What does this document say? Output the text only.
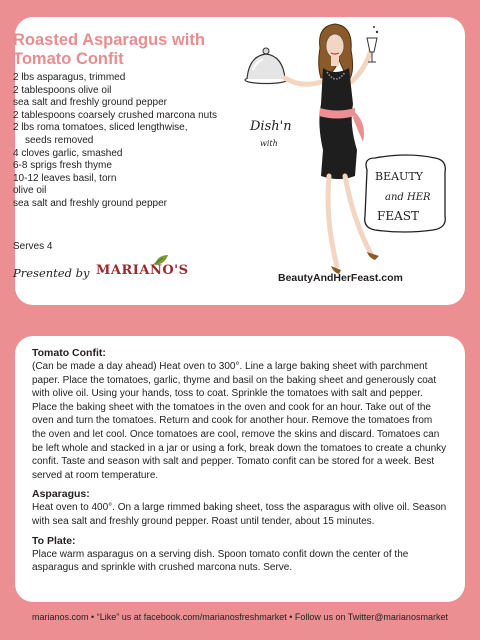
Roasted Asparagus with
Tomato Confit
2 lbs asparagus, trimmed
2 tablespoons olive oil
sea salt and freshly ground pepper
2 tablespoons coarsely crushed marcona nuts
2 lbs roma tomatoes, sliced lengthwise,
seeds removed
4 cloves garlic, smashed
6-8 sprigs fresh thyme
10-12 leaves basil, torn
olive oil
sea salt and freshly ground pepper
Serves 4
Presented by MARIANO'S
Dish'n
with
BEAUTY
and HER
FEAST
BeautyAndHerFeast.com
Tomato Confit:
(Can be made a day ahead) Heat oven to 300°. Line a large baking sheet with parchment paper. Place the tomatoes, garlic, thyme and basil on the baking sheet and generously coat with olive oil. Using your hands, toss to coat. Sprinkle the tomatoes with salt and pepper. Place the baking sheet with the tomatoes in the oven and cook for an hour. Take out of the oven and turn the tomatoes. Return and cook for another hour. Remove the tomatoes from the oven and let cool. Once tomatoes are cool, remove the skins and discard. Tomatoes can be left whole and stacked in a jar or using a fork, break down the tomatoes to create a chunky confit. Taste and season with salt and pepper. Tomato confit can be stored for a week. Best served at room temperature.
Asparagus:
Heat oven to 400°. On a large rimmed baking sheet, toss the asparagus with olive oil. Season with sea salt and freshly ground pepper. Roast until tender, about 15 minutes.
To Plate:
Place warm asparagus on a serving dish. Spoon tomato confit down the center of the asparagus and sprinkle with crushed marcona nuts. Serve.
marianos.com • “Like” us at facebook.com/marianosfreshmarket • Follow us on Twitter@marianosmarket
